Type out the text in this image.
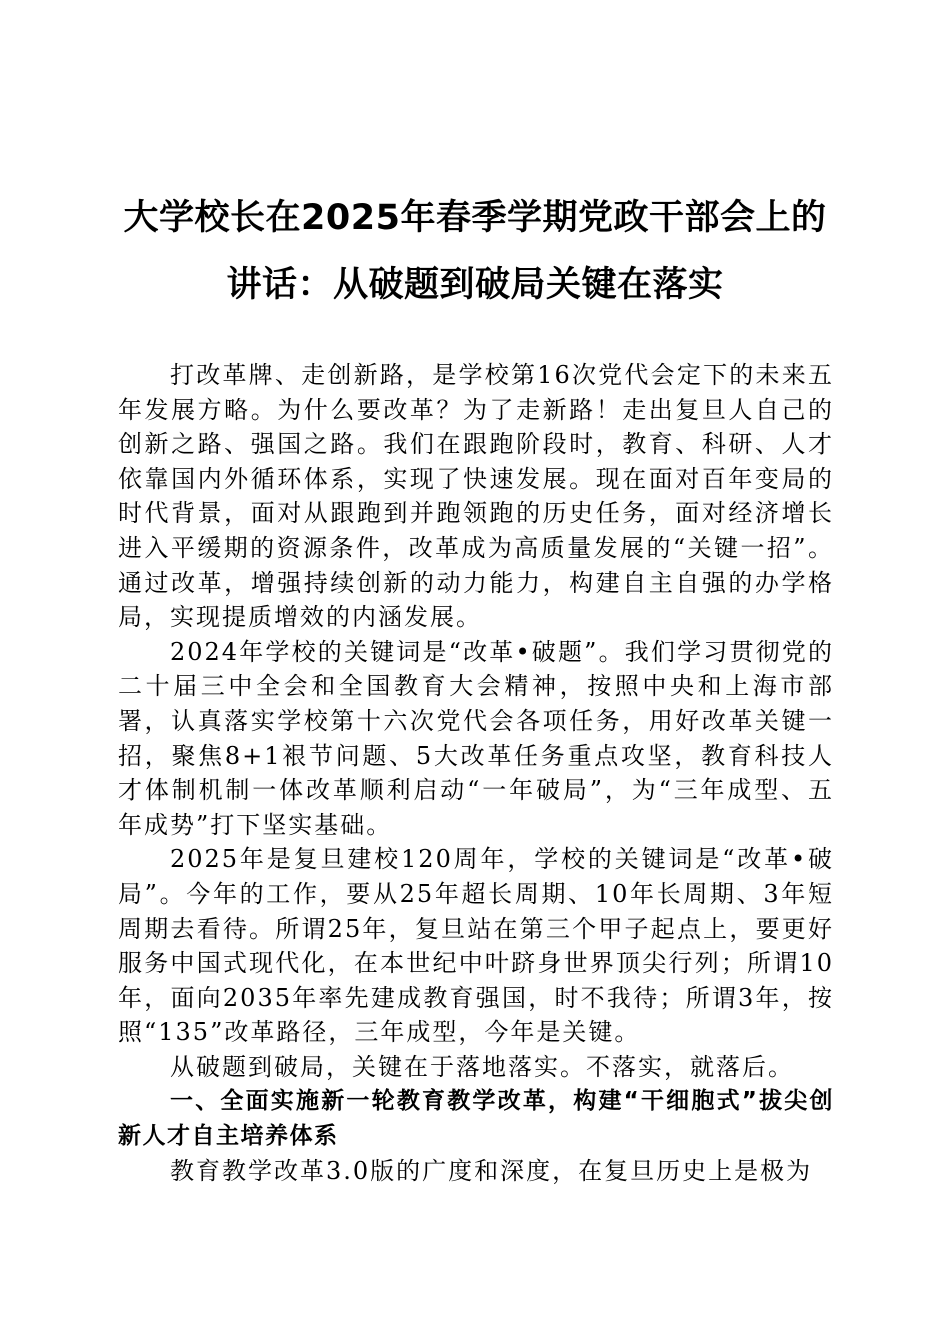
大学校长在2025年春季学期党政干部会上的
讲话：从破题到破局关键在落实

打改革牌、走创新路，是学校第16次党代会定下的未来五年发展方略。为什么要改革？为了走新路！走出复旦人自己的创新之路、强国之路。我们在跟跑阶段时，教育、科研、人才依靠国内外循环体系，实现了快速发展。现在面对百年变局的时代背景，面对从跟跑到并跑领跑的历史任务，面对经济增长进入平缓期的资源条件，改革成为高质量发展的“关键一招”。通过改革，增强持续创新的动力能力，构建自主自强的办学格局，实现提质增效的内涵发展。

2024年学校的关键词是“改革•破题”。我们学习贯彻党的二十届三中全会和全国教育大会精神，按照中央和上海市部署，认真落实学校第十六次党代会各项任务，用好改革关键一招，聚焦8+1裉节问题、5大改革任务重点攻坚，教育科技人才体制机制一体改革顺利启动“一年破局”，为“三年成型、五年成势”打下坚实基础。

2025年是复旦建校120周年，学校的关键词是“改革•破局”。今年的工作，要从25年超长周期、10年长周期、3年短周期去看待。所谓25年，复旦站在第三个甲子起点上，要更好服务中国式现代化，在本世纪中叶跻身世界顶尖行列；所谓10年，面向2035年率先建成教育强国，时不我待；所谓3年，按照“135”改革路径，三年成型，今年是关键。

从破题到破局，关键在于落地落实。不落实，就落后。

一、全面实施新一轮教育教学改革，构建“干细胞式”拔尖创新人才自主培养体系

教育教学改革3.0版的广度和深度，在复旦历史上是极为
